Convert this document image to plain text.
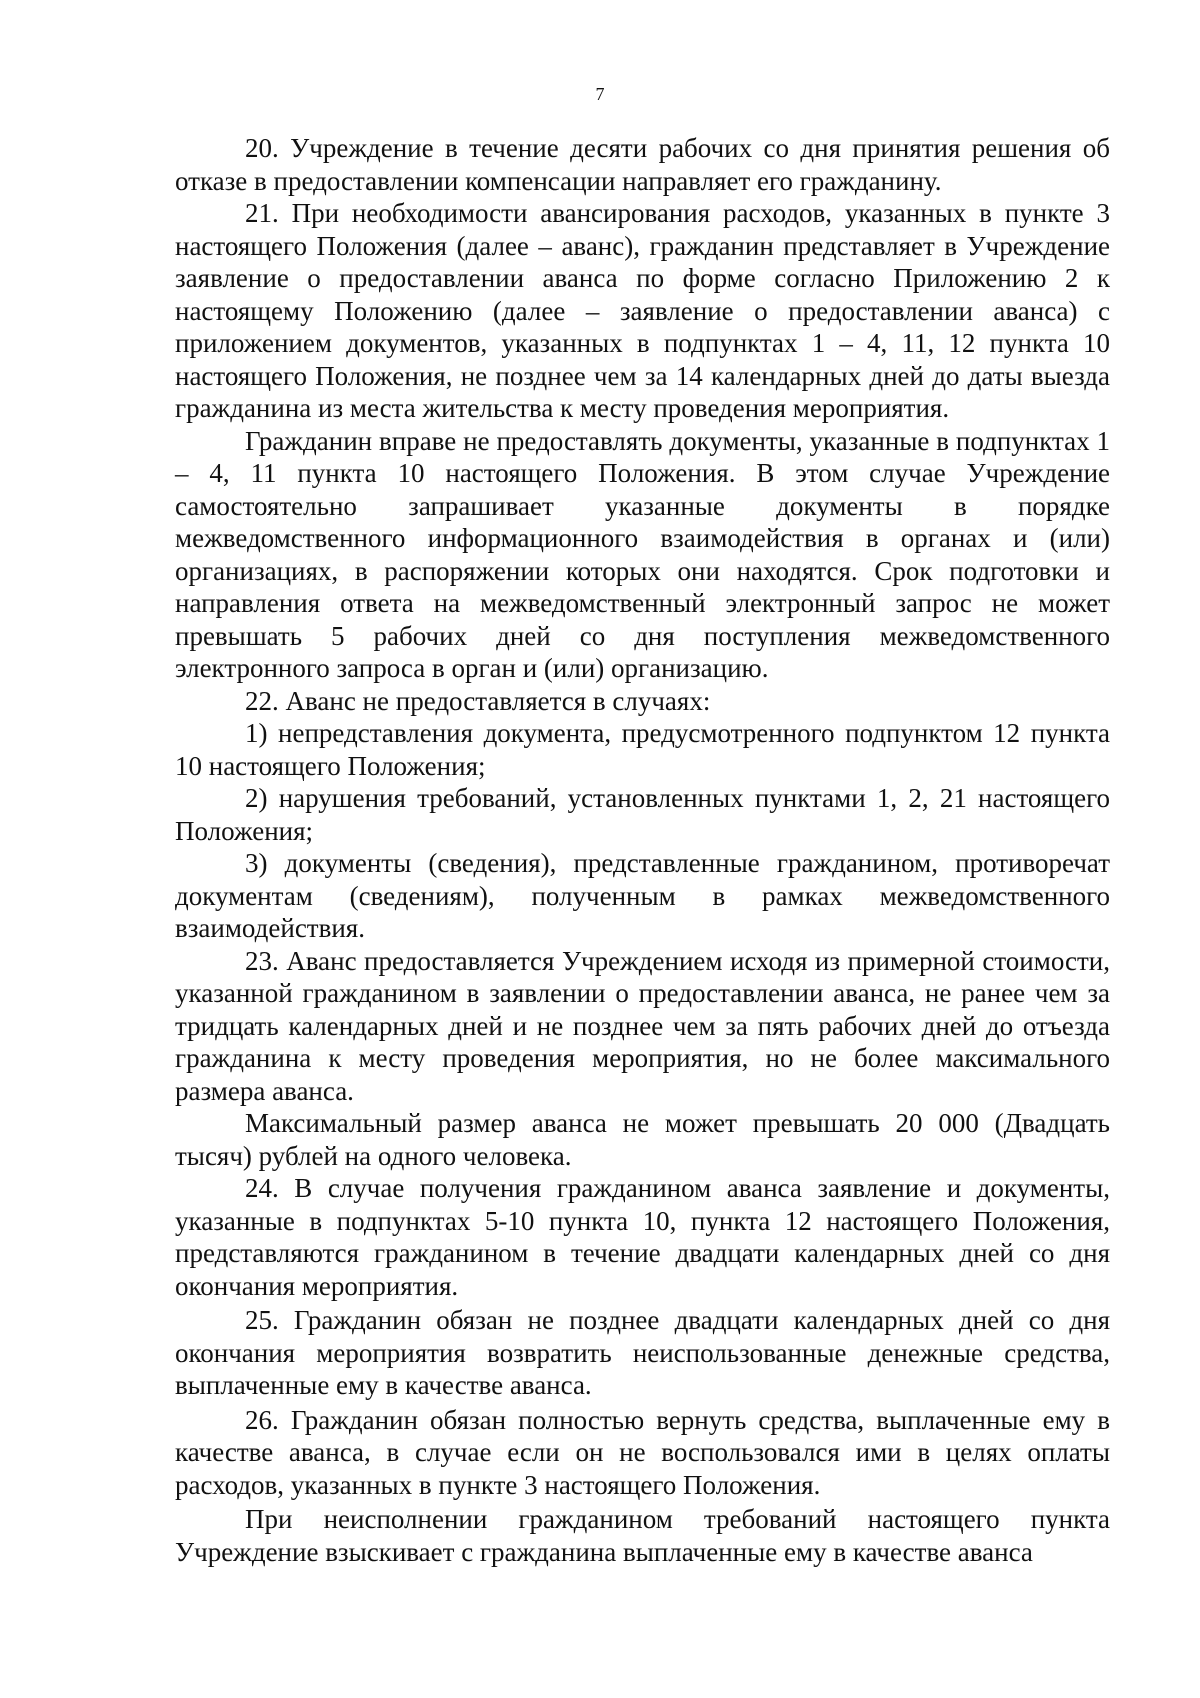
7

20. Учреждение в течение десяти рабочих со дня принятия решения об отказе в предоставлении компенсации направляет его гражданину.

21. При необходимости авансирования расходов, указанных в пункте 3 настоящего Положения (далее – аванс), гражданин представляет в Учреждение заявление о предоставлении аванса по форме согласно Приложению 2 к настоящему Положению (далее – заявление о предоставлении аванса) с приложением документов, указанных в подпунктах 1 – 4, 11, 12 пункта 10 настоящего Положения, не позднее чем за 14 календарных дней до даты выезда гражданина из места жительства к месту проведения мероприятия.

Гражданин вправе не предоставлять документы, указанные в подпунктах 1 – 4, 11 пункта 10 настоящего Положения. В этом случае Учреждение самостоятельно запрашивает указанные документы в порядке межведомственного информационного взаимодействия в органах и (или) организациях, в распоряжении которых они находятся. Срок подготовки и направления ответа на межведомственный электронный запрос не может превышать 5 рабочих дней со дня поступления межведомственного электронного запроса в орган и (или) организацию.

22. Аванс не предоставляется в случаях:

1) непредставления документа, предусмотренного подпунктом 12 пункта 10 настоящего Положения;

2) нарушения требований, установленных пунктами 1, 2, 21 настоящего Положения;

3) документы (сведения), представленные гражданином, противоречат документам (сведениям), полученным в рамках межведомственного взаимодействия.

23. Аванс предоставляется Учреждением исходя из примерной стоимости, указанной гражданином в заявлении о предоставлении аванса, не ранее чем за тридцать календарных дней и не позднее чем за пять рабочих дней до отъезда гражданина к месту проведения мероприятия, но не более максимального размера аванса.

Максимальный размер аванса не может превышать 20 000 (Двадцать тысяч) рублей на одного человека.

24. В случае получения гражданином аванса заявление и документы, указанные в подпунктах 5-10 пункта 10, пункта 12 настоящего Положения, представляются гражданином в течение двадцати календарных дней со дня окончания мероприятия.

25. Гражданин обязан не позднее двадцати календарных дней со дня окончания мероприятия возвратить неиспользованные денежные средства, выплаченные ему в качестве аванса.

26. Гражданин обязан полностью вернуть средства, выплаченные ему в качестве аванса, в случае если он не воспользовался ими в целях оплаты расходов, указанных в пункте 3 настоящего Положения.

При неисполнении гражданином требований настоящего пункта Учреждение взыскивает с гражданина выплаченные ему в качестве аванса
